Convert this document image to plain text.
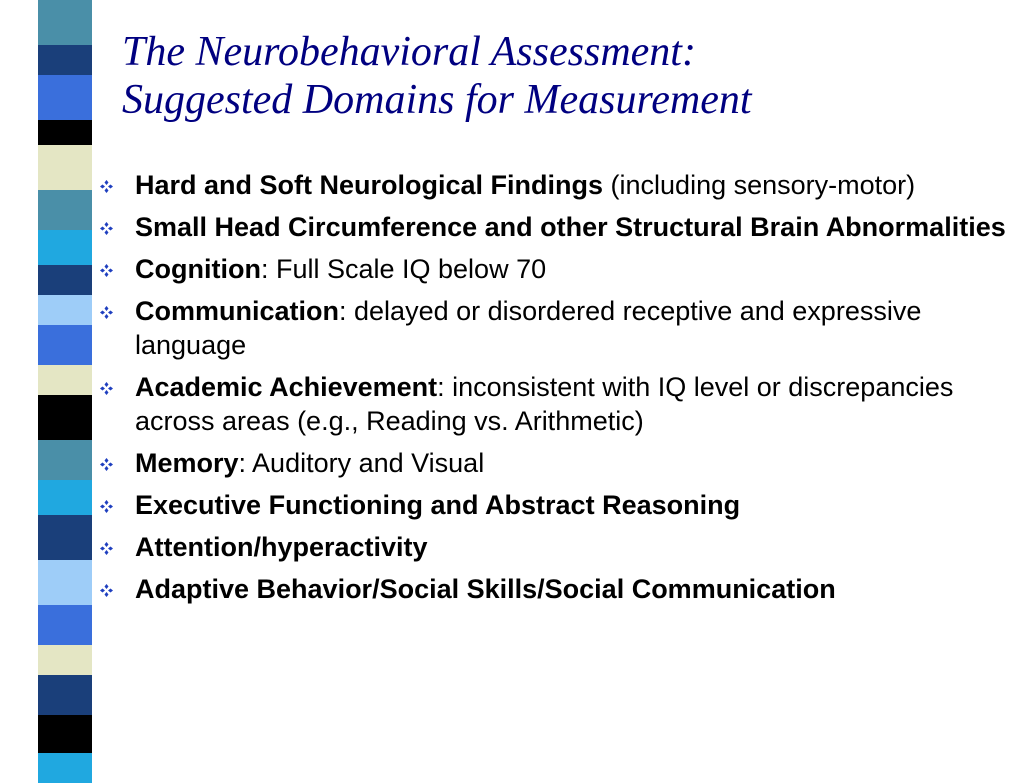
The Neurobehavioral Assessment:
Suggested Domains for Measurement
Hard and Soft Neurological Findings (including sensory-motor)
Small Head Circumference and other Structural Brain Abnormalities
Cognition: Full Scale IQ below 70
Communication: delayed or disordered receptive and expressive language
Academic Achievement: inconsistent with IQ level or discrepancies across areas (e.g., Reading vs. Arithmetic)
Memory: Auditory and Visual
Executive Functioning and Abstract Reasoning
Attention/hyperactivity
Adaptive Behavior/Social Skills/Social Communication
